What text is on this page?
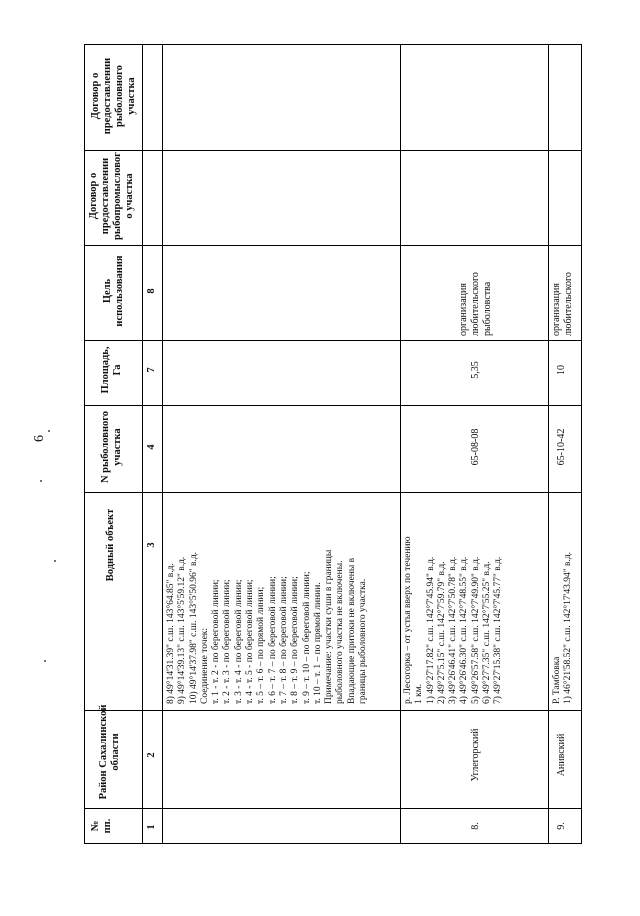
6
№
пп.
Район Сахалинской
области
Водный объект
N рыболовного
участка
Площадь,
Га
Цель
использования
Договор о
предоставлении
рыбопромысловог
о участка
Договор о
предоставлении
рыболовного
участка
1
2
3
4
7
8
8) 49°14'31.39" с.ш. 143°64.85" в.д.
9) 49°14'39.13" с.ш. 143°5'59.12" в.д.
10) 49°14'37.98" с.ш. 143°5'50.96" в.д.
Соединение точек:
т. 1 - т. 2 - по береговой линии;
т. 2 - т. 3 - по береговой линии;
т. 3 - т. 4 - по береговой линии;
т. 4 - т. 5 - по береговой линии;
т. 5 – т. 6 – по прямой линии;
т. 6 – т. 7 – по береговой линии;
т. 7 – т. 8 – по береговой линии;
т. 8 – т. 9 – по береговой линии;
т. 9 – т. 10 – по береговой линии;
т. 10 – т. 1 – по прямой линии.
Примечание: участки суши в границы
рыболовного участка не включены.
Впадающие притоки не включены в
границы рыболовного участка.
8.
Углегорский
р. Лесогорка – от устья вверх по течению
1 км.
1) 49°27'17.82" с.ш. 142°7'45.94" в.д.
2) 49°27'5.15" с.ш. 142°7'59.79" в.д.
3) 49°26'46.41" с.ш. 142°7'50.78" в.д.
4) 49°26'46.30" с.ш. 142°7'48.55" в.д.
5) 49°26'57.58" с.ш. 142°7'49.90" в.д.
6) 49°27'7.35" с.ш. 142°7'55.25" в.д.
7) 49°27'15.38" с.ш. 142°7'45.77" в.д.
65-08-08
5,35
организация
любительского
рыболовства
9.
Анивский
Р. Тамбовка
1) 46°21'58.52" с.ш. 142°17'43.94" в.д.
65-10-42
10
организация
любительского
